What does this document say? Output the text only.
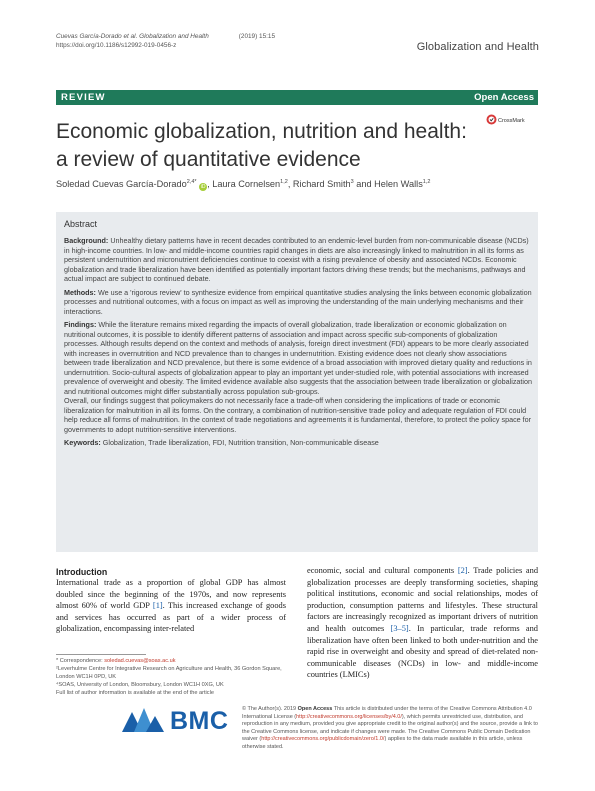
Cuevas García-Dorado et al. Globalization and Health	(2019) 15:15
https://doi.org/10.1186/s12992-019-0456-z	Globalization and Health
REVIEW	Open Access
Economic globalization, nutrition and health: a review of quantitative evidence
CrossMark
Soledad Cuevas García-Dorado$^{2,4*}$ iD , Laura Cornelsen$^{1,2}$, Richard Smith$^3$ and Helen Walls$^{1,2}$
Abstract

Background: Unhealthy dietary patterns have in recent decades contributed to an endemic-level burden from non-communicable disease (NCDs) in high-income countries. In low- and middle-income countries rapid changes in diets are also increasingly linked to malnutrition in all its forms as persistent undernutrition and micronutrient deficiencies continue to coexist with a rising prevalence of obesity and associated NCDs. Economic globalization and trade liberalization have been identified as potentially important factors driving these trends; but the mechanisms, pathways and actual impact are subject to continued debate.

Methods: We use a 'rigorous review' to synthesize evidence from empirical quantitative studies analysing the links between economic globalization processes and nutritional outcomes, with a focus on impact as well as improving the understanding of the main underlying mechanisms and their interactions.

Findings: While the literature remains mixed regarding the impacts of overall globalization, trade liberalization or economic globalization on nutritional outcomes, it is possible to identify different patterns of association and impact across specific sub-components of globalization processes. Although results depend on the context and methods of analysis, foreign direct investment (FDI) appears to be more clearly associated with increases in overnutrition and NCD prevalence than to changes in undernutrition. Existing evidence does not clearly show associations between trade liberalization and NCD prevalence, but there is some evidence of a broad association with improved dietary quality and reductions in undernutrition. Socio-cultural aspects of globalization appear to play an important yet under-studied role, with potential associations with increased prevalence of overweight and obesity. The limited evidence available also suggests that the association between trade liberalization or globalization and nutritional outcomes might differ substantially across population sub-groups.

Overall, our findings suggest that policymakers do not necessarily face a trade-off when considering the implications of trade or economic liberalization for malnutrition in all its forms. On the contrary, a combination of nutrition-sensitive trade policy and adequate regulation of FDI could help reduce all forms of malnutrition. In the context of trade negotiations and agreements it is fundamental, therefore, to protect the policy space for governments to adopt nutrition-sensitive interventions.

Keywords: Globalization, Trade liberalization, FDI, Nutrition transition, Non-communicable disease

Introduction
International trade as a proportion of global GDP has almost doubled since the beginning of the 1970s, and now represents almost 60% of world GDP [1]. This increased exchange of goods and services has occurred as part of a wider process of globalization, encompassing inter-related
economic, social and cultural components [2]. Trade policies and globalization processes are deeply transforming societies, shaping political institutions, economic and social relationships, modes of production, consumption patterns and lifestyles. These structural factors are increasingly recognized as important drivers of nutrition and health outcomes [3–5]. In particular, trade reforms and liberalization have often been linked to both under-nutrition and the rapid rise in overweight and obesity and spread of diet-related non-communicable diseases (NCDs) in low- and middle-income countries (LMICs)
* Correspondence: soledad.cuevas@soas.ac.uk
²Leverhulme Centre for Integrative Research on Agriculture and Health, 36 Gordon Square, London WC1H 0PD, UK
⁴SOAS, University of London, Bloomsbury, London WC1H 0XG, UK
Full list of author information is available at the end of the article
BMC © The Author(s). 2019 Open Access This article is distributed under the terms of the Creative Commons Attribution 4.0 International License (http://creativecommons.org/licenses/by/4.0/), which permits unrestricted use, distribution, and reproduction in any medium, provided you give appropriate credit to the original author(s) and the source, provide a link to the Creative Commons license, and indicate if changes were made. The Creative Commons Public Domain Dedication waiver (http://creativecommons.org/publicdomain/zero/1.0/) applies to the data made available in this article, unless otherwise stated.
